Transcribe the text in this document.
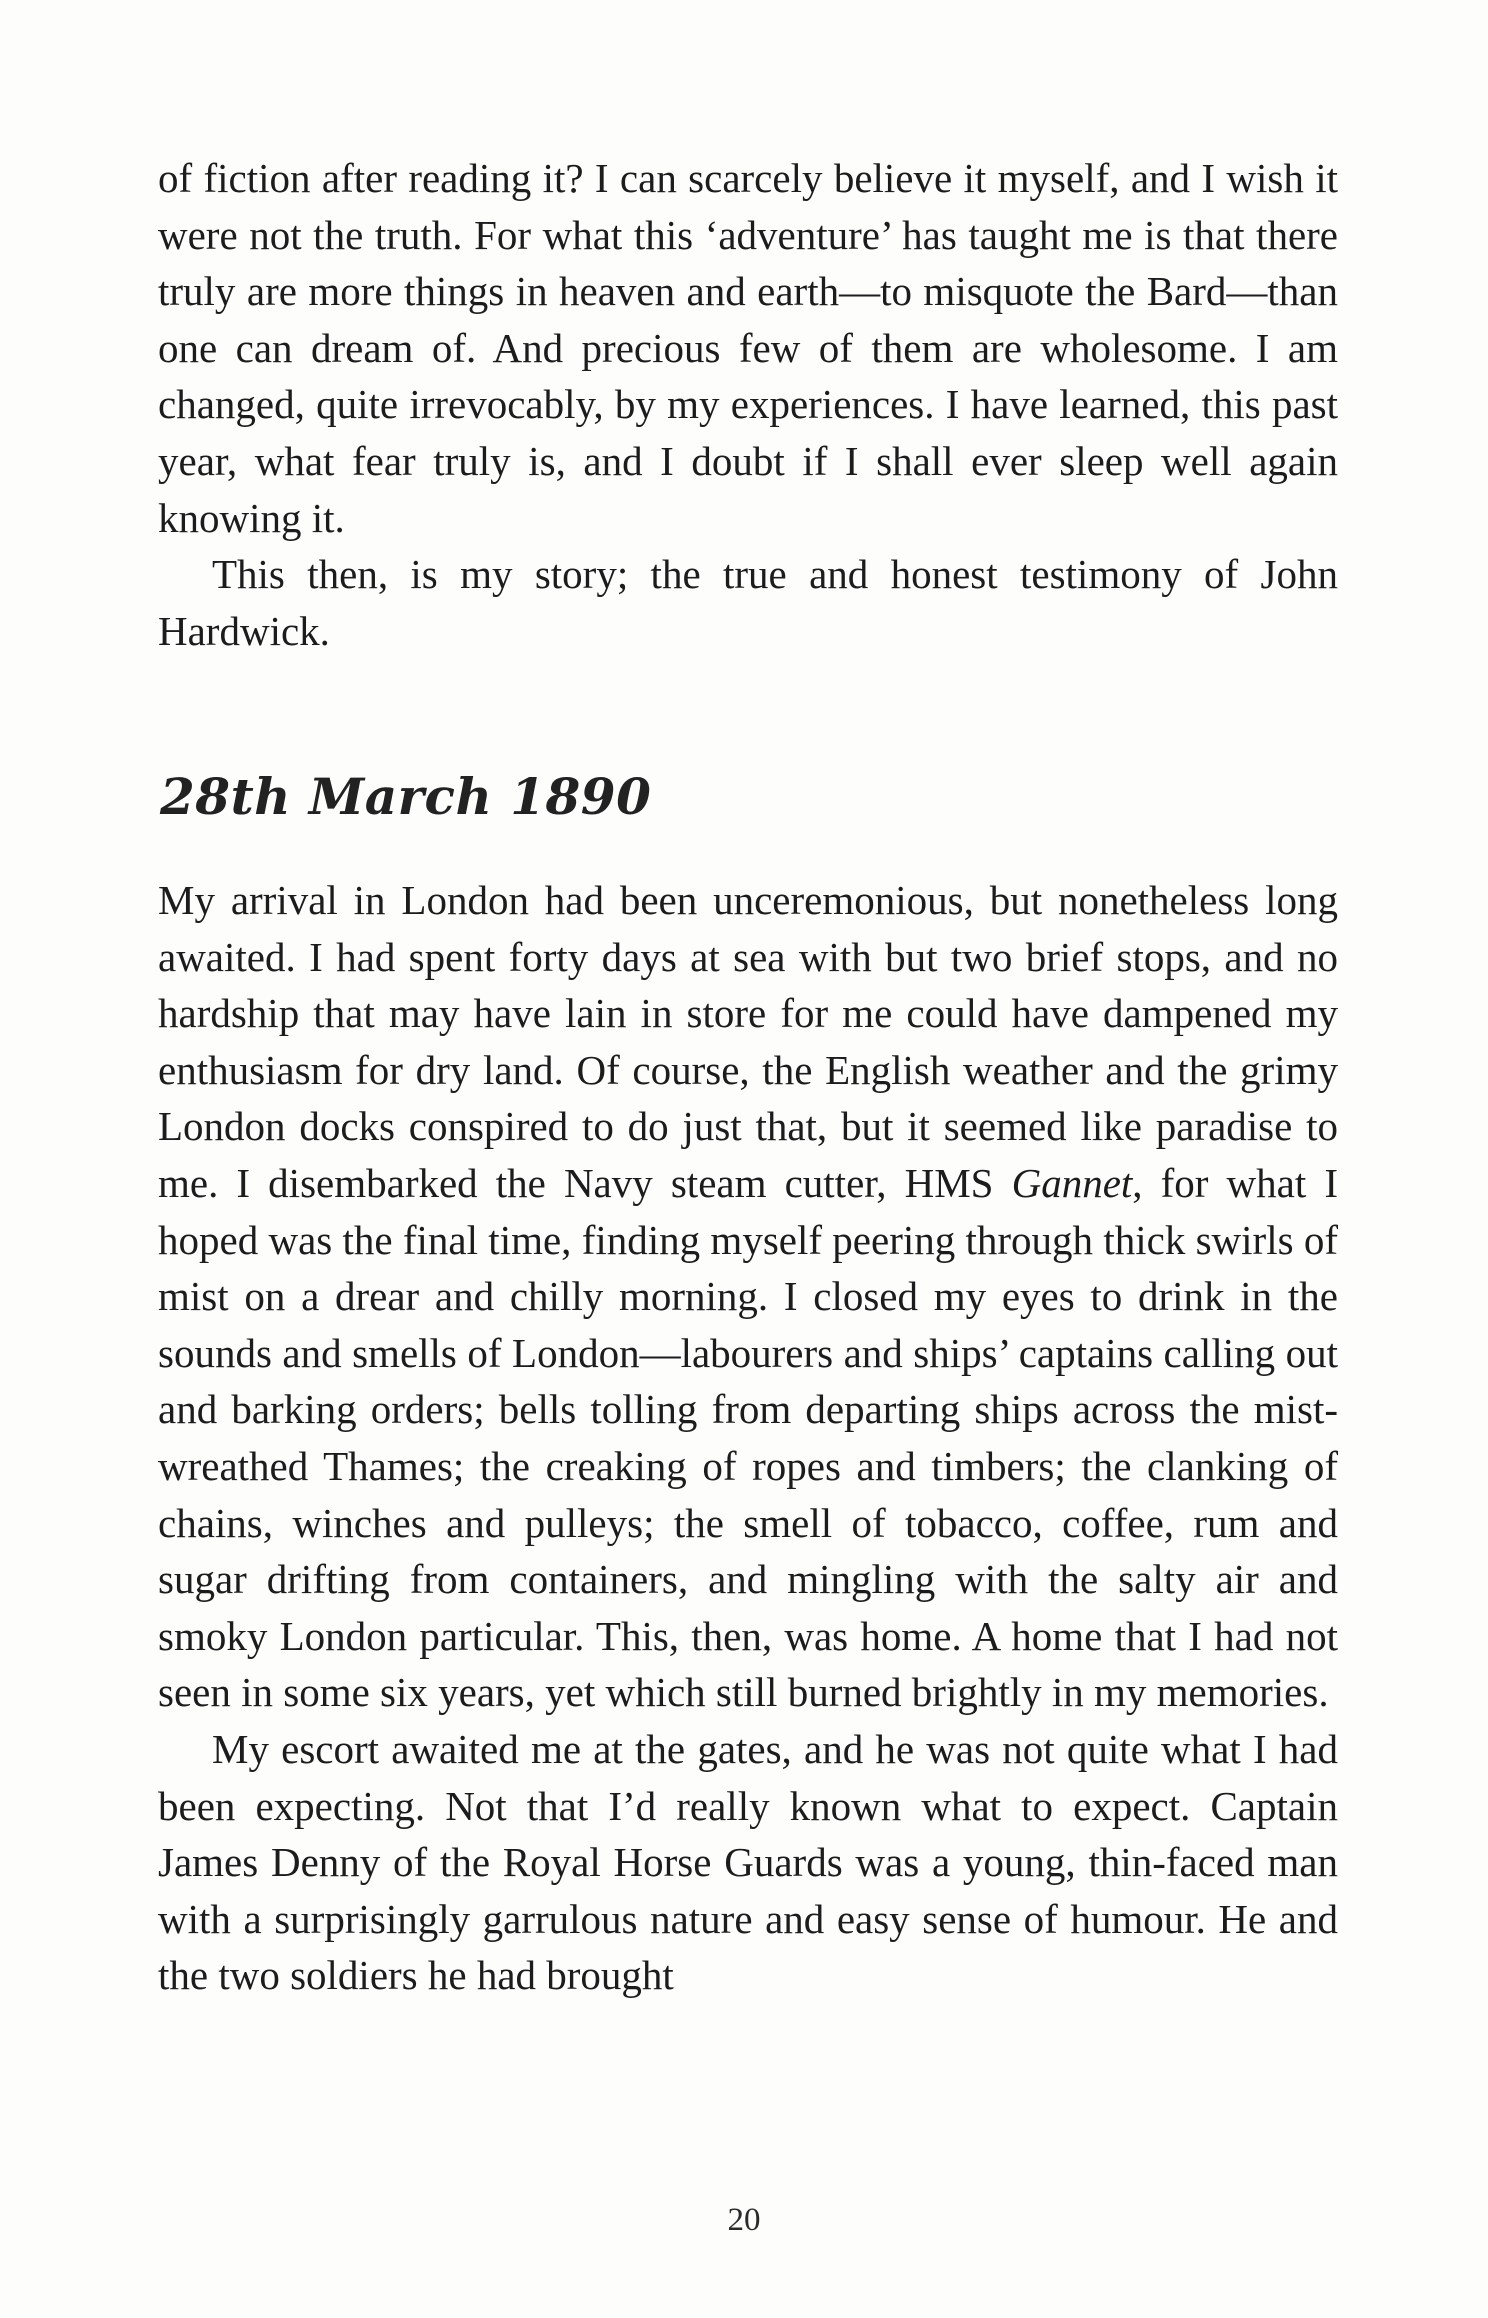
of fiction after reading it? I can scarcely believe it myself, and I wish it were not the truth. For what this ‘adventure’ has taught me is that there truly are more things in heaven and earth—to misquote the Bard—than one can dream of. And precious few of them are wholesome. I am changed, quite irrevocably, by my experiences. I have learned, this past year, what fear truly is, and I doubt if I shall ever sleep well again knowing it.

This then, is my story; the true and honest testimony of John Hardwick.

28th March 1890

My arrival in London had been unceremonious, but nonetheless long awaited. I had spent forty days at sea with but two brief stops, and no hardship that may have lain in store for me could have dampened my enthusiasm for dry land. Of course, the English weather and the grimy London docks conspired to do just that, but it seemed like paradise to me. I disembarked the Navy steam cutter, HMS Gannet, for what I hoped was the final time, finding myself peering through thick swirls of mist on a drear and chilly morning. I closed my eyes to drink in the sounds and smells of London—labourers and ships’ captains calling out and barking orders; bells tolling from departing ships across the mist-wreathed Thames; the creaking of ropes and timbers; the clanking of chains, winches and pulleys; the smell of tobacco, coffee, rum and sugar drifting from containers, and mingling with the salty air and smoky London particular. This, then, was home. A home that I had not seen in some six years, yet which still burned brightly in my memories.

My escort awaited me at the gates, and he was not quite what I had been expecting. Not that I’d really known what to expect. Captain James Denny of the Royal Horse Guards was a young, thin-faced man with a surprisingly garrulous nature and easy sense of humour. He and the two soldiers he had brought

20
